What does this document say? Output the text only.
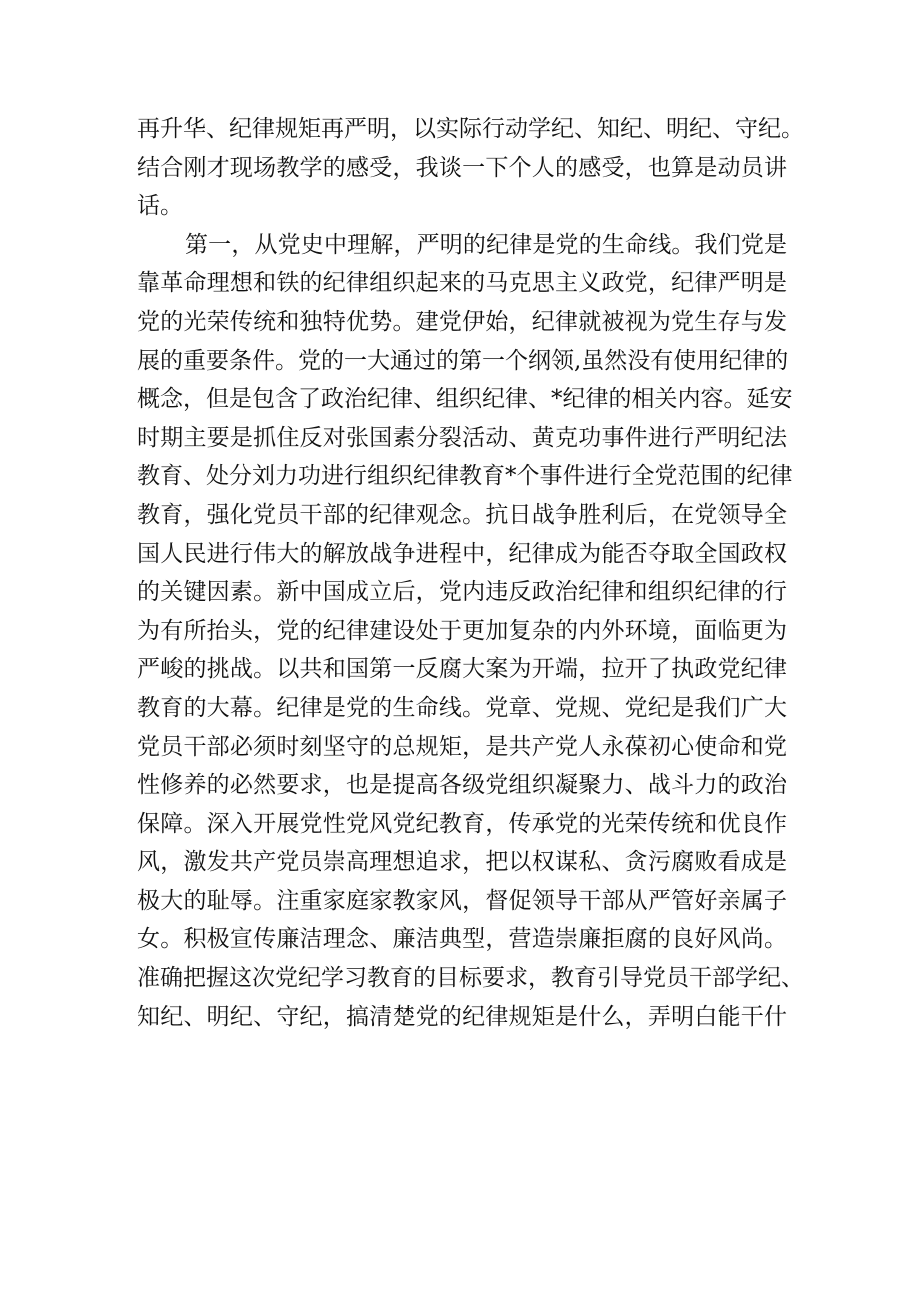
再升华、纪律规矩再严明，以实际行动学纪、知纪、明纪、守纪。
结合刚才现场教学的感受，我谈一下个人的感受，也算是动员讲
话。
第一，从党史中理解，严明的纪律是党的生命线。我们党是
靠革命理想和铁的纪律组织起来的马克思主义政党，纪律严明是
党的光荣传统和独特优势。建党伊始，纪律就被视为党生存与发
展的重要条件。党的一大通过的第一个纲领,虽然没有使用纪律的
概念，但是包含了政治纪律、组织纪律、*纪律的相关内容。延安
时期主要是抓住反对张国素分裂活动、黄克功事件进行严明纪法
教育、处分刘力功进行组织纪律教育*个事件进行全党范围的纪律
教育，强化党员干部的纪律观念。抗日战争胜利后，在党领导全
国人民进行伟大的解放战争进程中，纪律成为能否夺取全国政权
的关键因素。新中国成立后，党内违反政治纪律和组织纪律的行
为有所抬头，党的纪律建设处于更加复杂的内外环境，面临更为
严峻的挑战。以共和国第一反腐大案为开端，拉开了执政党纪律
教育的大幕。纪律是党的生命线。党章、党规、党纪是我们广大
党员干部必须时刻坚守的总规矩，是共产党人永葆初心使命和党
性修养的必然要求，也是提高各级党组织凝聚力、战斗力的政治
保障。深入开展党性党风党纪教育，传承党的光荣传统和优良作
风，激发共产党员崇高理想追求，把以权谋私、贪污腐败看成是
极大的耻辱。注重家庭家教家风，督促领导干部从严管好亲属子
女。积极宣传廉洁理念、廉洁典型，营造崇廉拒腐的良好风尚。
准确把握这次党纪学习教育的目标要求，教育引导党员干部学纪、
知纪、明纪、守纪，搞清楚党的纪律规矩是什么，弄明白能干什
